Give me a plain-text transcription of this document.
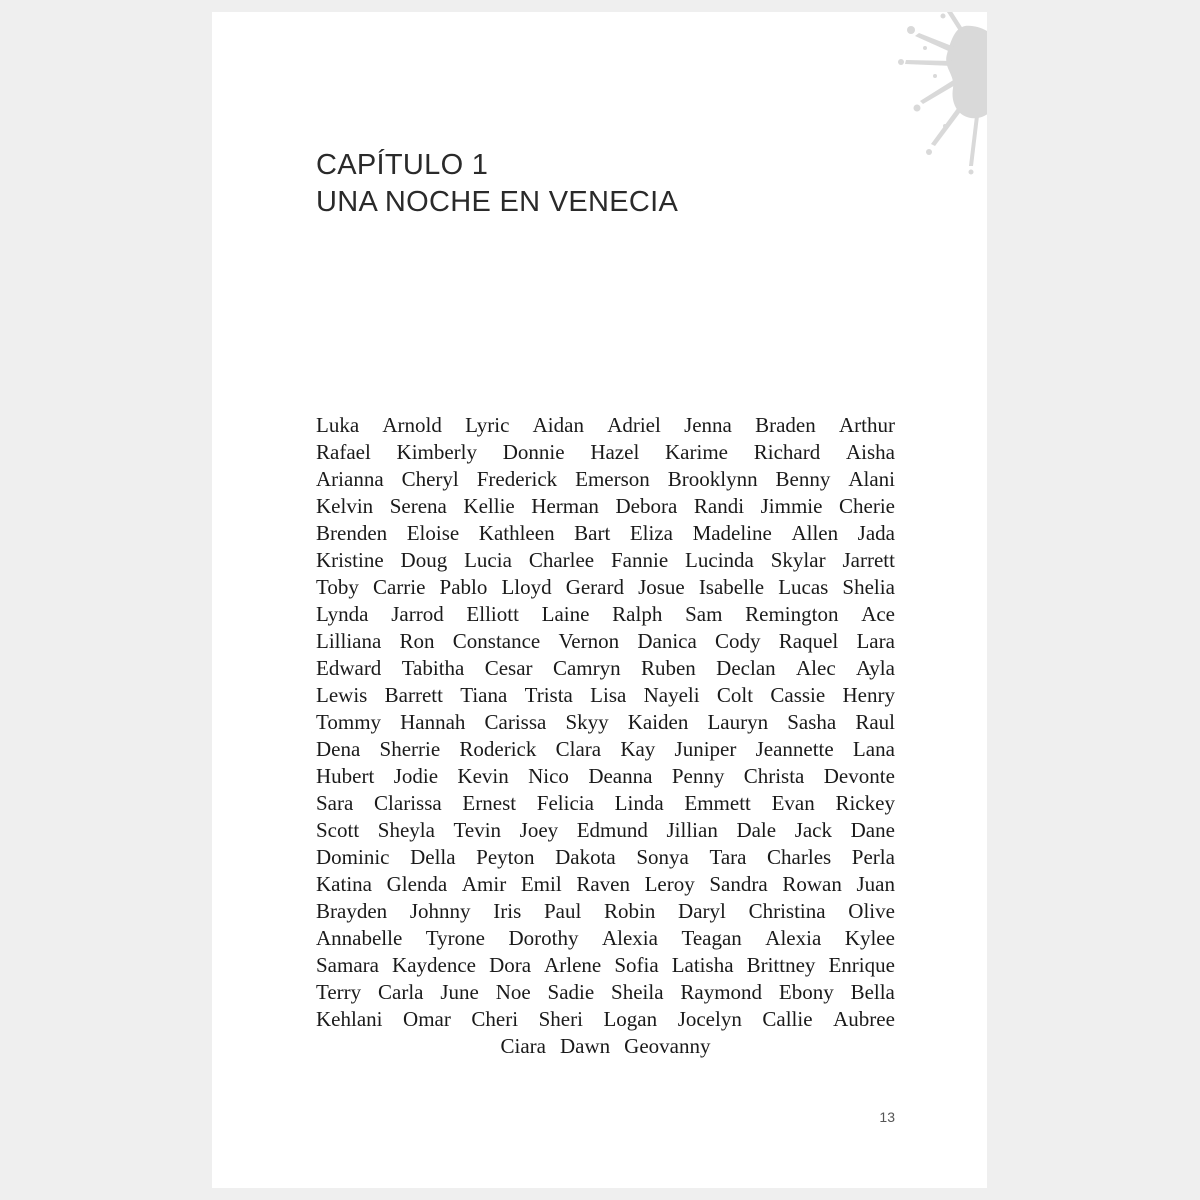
CAPÍTULO 1
UNA NOCHE EN VENECIA
Luka Arnold Lyric Aidan Adriel Jenna Braden Arthur
Rafael Kimberly Donnie Hazel Karime Richard Aisha
Arianna Cheryl Frederick Emerson Brooklynn Benny Alani
Kelvin Serena Kellie Herman Debora Randi Jimmie Cherie
Brenden Eloise Kathleen Bart Eliza Madeline Allen Jada
Kristine Doug Lucia Charlee Fannie Lucinda Skylar Jarrett
Toby Carrie Pablo Lloyd Gerard Josue Isabelle Lucas Shelia
Lynda Jarrod Elliott Laine Ralph Sam Remington Ace
Lilliana Ron Constance Vernon Danica Cody Raquel Lara
Edward Tabitha Cesar Camryn Ruben Declan Alec Ayla
Lewis Barrett Tiana Trista Lisa Nayeli Colt Cassie Henry
Tommy Hannah Carissa Skyy Kaiden Lauryn Sasha Raul
Dena Sherrie Roderick Clara Kay Juniper Jeannette Lana
Hubert Jodie Kevin Nico Deanna Penny Christa Devonte
Sara Clarissa Ernest Felicia Linda Emmett Evan Rickey
Scott Sheyla Tevin Joey Edmund Jillian Dale Jack Dane
Dominic Della Peyton Dakota Sonya Tara Charles Perla
Katina Glenda Amir Emil Raven Leroy Sandra Rowan Juan
Brayden Johnny Iris Paul Robin Daryl Christina Olive
Annabelle Tyrone Dorothy Alexia Teagan Alexia Kylee
Samara Kaydence Dora Arlene Sofia Latisha Brittney Enrique
Terry Carla June Noe Sadie Sheila Raymond Ebony Bella
Kehlani Omar Cheri Sheri Logan Jocelyn Callie Aubree
Ciara Dawn Geovanny

13
